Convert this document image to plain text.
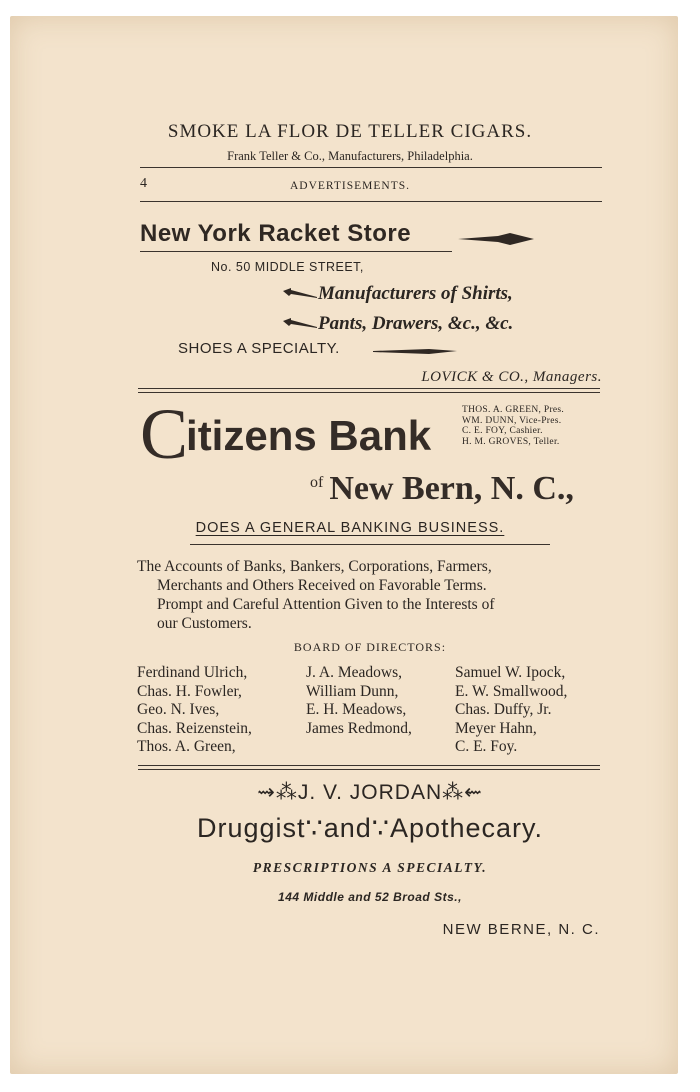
SMOKE LA FLOR DE TELLER CIGARS.
Frank Teller & Co., Manufacturers, Philadelphia.
4	ADVERTISEMENTS.
New York Racket Store
No. 50 MIDDLE STREET,
Manufacturers of Shirts,
Pants, Drawers, &c., &c.
SHOES A SPECIALTY.
LOVICK & CO., Managers.
Citizens Bank
THOS. A. GREEN, Pres.
WM. DUNN, Vice-Pres.
C. E. FOY, Cashier.
H. M. GROVES, Teller.
$^{of}$ New Bern, N. C.,
DOES A GENERAL BANKING BUSINESS.
The Accounts of Banks, Bankers, Corporations, Farmers,
Merchants and Others Received on Favorable Terms.
Prompt and Careful Attention Given to the Interests of
our Customers.
BOARD OF DIRECTORS:
Ferdinand Ulrich,
Chas. H. Fowler,
Geo. N. Ives,
Chas. Reizenstein,
Thos. A. Green,
J. A. Meadows,
William Dunn,
E. H. Meadows,
James Redmond,
Samuel W. Ipock,
E. W. Smallwood,
Chas. Duffy, Jr.
Meyer Hahn,
C. E. Foy.
⇝⁂J. V. JORDAN⁂⇜
Druggist∵and∵Apothecary.
PRESCRIPTIONS A SPECIALTY.
144 Middle and 52 Broad Sts.,
NEW BERNE, N. C.
